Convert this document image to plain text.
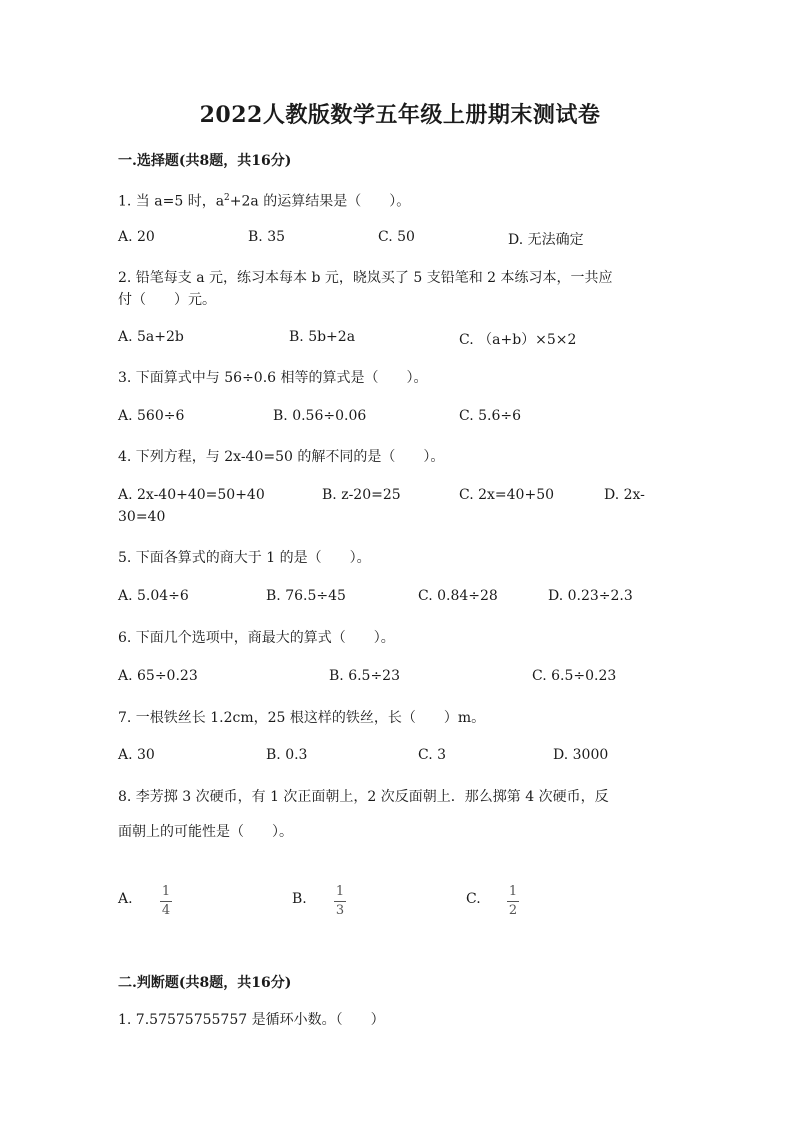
2022人教版数学五年级上册期末测试卷
一.选择题(共8题，共16分)
1. 当 a=5 时，$a^2+2a$ 的运算结果是（　　）。
A. 20	B. 35	C. 50	D. 无法确定
2. 铅笔每支 a 元，练习本每本 b 元，晓岚买了 5 支铅笔和 2 本练习本，一共应
付（　　）元。
A. 5a+2b	B. 5b+2a	C. （a+b）×5×2
3. 下面算式中与 56÷0.6 相等的算式是（　　）。
A. 560÷6	B. 0.56÷0.06	C. 5.6÷6
4. 下列方程，与 2x-40=50 的解不同的是（　　）。
A. 2x-40+40=50+40	B. z-20=25	C. 2x=40+50	D. 2x-
30=40
5. 下面各算式的商大于 1 的是（　　）。
A. 5.04÷6	B. 76.5÷45	C. 0.84÷28	D. 0.23÷2.3
6. 下面几个选项中，商最大的算式（　　）。
A. 65÷0.23	B. 6.5÷23	C. 6.5÷0.23
7. 一根铁丝长 1.2cm，25 根这样的铁丝，长（　　）m。
A. 30	B. 0.3	C. 3	D. 3000
8. 李芳掷 3 次硬币，有 1 次正面朝上，2 次反面朝上．那么掷第 4 次硬币，反
面朝上的可能性是（　　）。
A. 1
4
B. 1
3
C. 1
2
二.判断题(共8题，共16分)
1. 7.57575755757 是循环小数。（　　）
